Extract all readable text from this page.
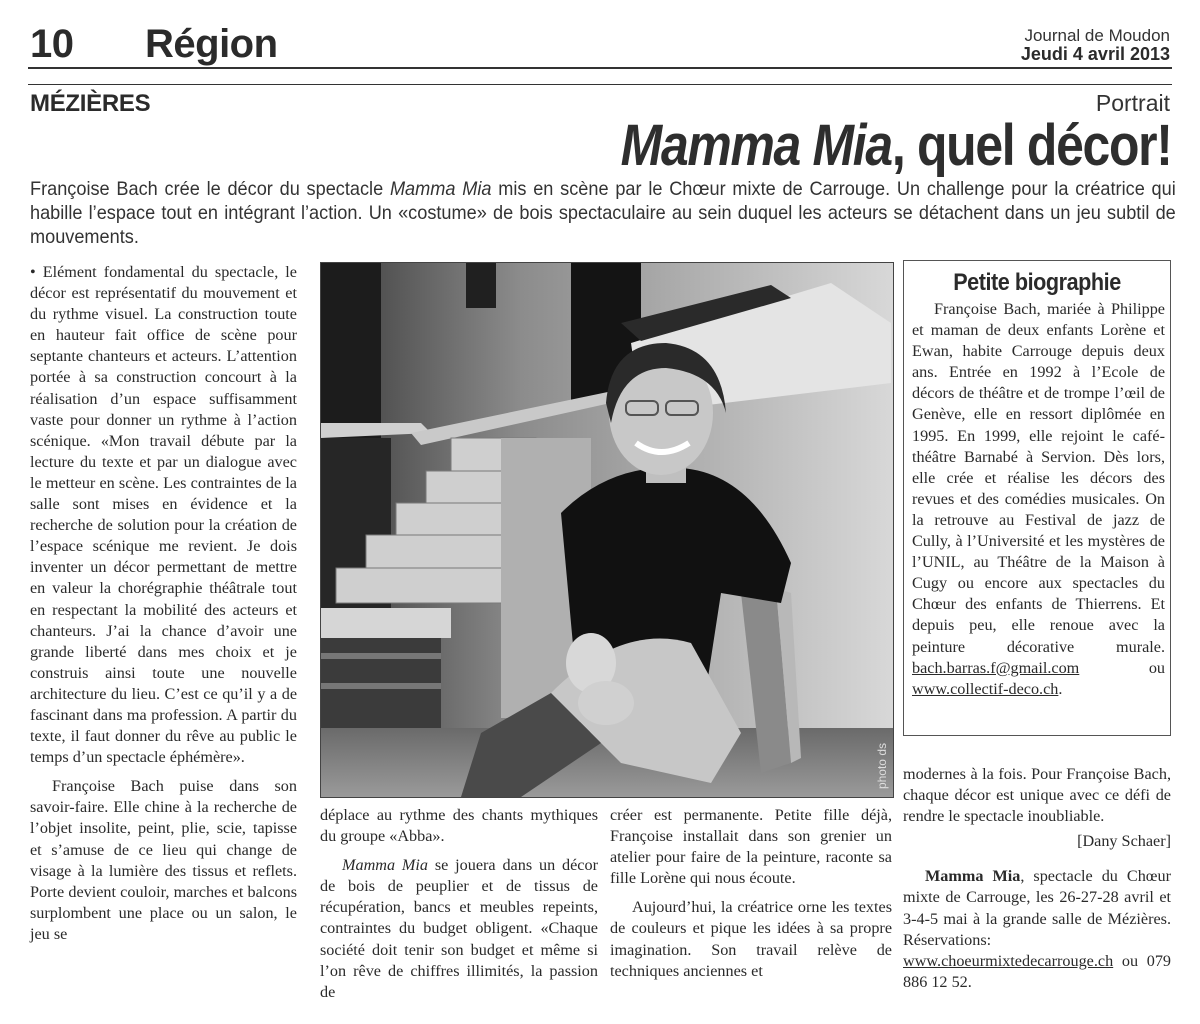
10 Région	Journal de Moudon
Jeudi 4 avril 2013
MÉZIÈRES	Portrait
Mamma Mia, quel décor!
Françoise Bach crée le décor du spectacle Mamma Mia mis en scène par le Chœur mixte de Carrouge. Un challenge pour la créatrice qui habille l’espace tout en intégrant l’action. Un «costume» de bois spectaculaire au sein duquel les acteurs se détachent dans un jeu subtil de mouvements.

• Elément fondamental du spectacle, le décor est représentatif du mouvement et du rythme visuel. La construction toute en hauteur fait office de scène pour septante chanteurs et acteurs. L’attention portée à sa construction concourt à la réalisation d’un espace suffisamment vaste pour donner un rythme à l’action scénique. «Mon travail débute par la lecture du texte et par un dialogue avec le metteur en scène. Les contraintes de la salle sont mises en évidence et la recherche de solution pour la création de l’espace scénique me revient. Je dois inventer un décor permettant de mettre en valeur la chorégraphie théâtrale tout en respectant la mobilité des acteurs et chanteurs. J’ai la chance d’avoir une grande liberté dans mes choix et je construis ainsi toute une nouvelle architecture du lieu. C’est ce qu’il y a de fascinant dans ma profession. A partir du texte, il faut donner du rêve au public le temps d’un spectacle éphémère».

Françoise Bach puise dans son savoir-faire. Elle chine à la recherche de l’objet insolite, peint, plie, scie, tapisse et s’amuse de ce lieu qui change de visage à la lumière des tissus et reflets. Porte devient couloir, marches et balcons surplombent une place ou un salon, le jeu se

photo ds

déplace au rythme des chants mythiques du groupe «Abba».

Mamma Mia se jouera dans un décor de bois de peuplier et de tissus de récupération, bancs et meubles repeints, contraintes du budget obligent. «Chaque société doit tenir son budget et même si l’on rêve de chiffres illimités, la passion de

créer est permanente. Petite fille déjà, Françoise installait dans son grenier un atelier pour faire de la peinture, raconte sa fille Lorène qui nous écoute.

Aujourd’hui, la créatrice orne les textes de couleurs et pique les idées à sa propre imagination. Son travail relève de techniques anciennes et

Petite biographie

Françoise Bach, mariée à Philippe et maman de deux enfants Lorène et Ewan, habite Carrouge depuis deux ans. Entrée en 1992 à l’Ecole de décors de théâtre et de trompe l’œil de Genève, elle en ressort diplômée en 1995. En 1999, elle rejoint le café-théâtre Barnabé à Servion. Dès lors, elle crée et réalise les décors des revues et des comédies musicales. On la retrouve au Festival de jazz de Cully, à l’Université et les mystères de l’UNIL, au Théâtre de la Maison à Cugy ou encore aux spectacles du Chœur des enfants de Thierrens. Et depuis peu, elle renoue avec la peinture décorative murale. bach.barras.f@gmail.com ou www.collectif-deco.ch.

modernes à la fois. Pour Françoise Bach, chaque décor est unique avec ce défi de rendre le spectacle inoubliable.

[Dany Schaer]

Mamma Mia, spectacle du Chœur mixte de Carrouge, les 26-27-28 avril et 3-4-5 mai à la grande salle de Mézières. Réservations: www.choeurmixtedecarrouge.ch ou 079 886 12 52.
